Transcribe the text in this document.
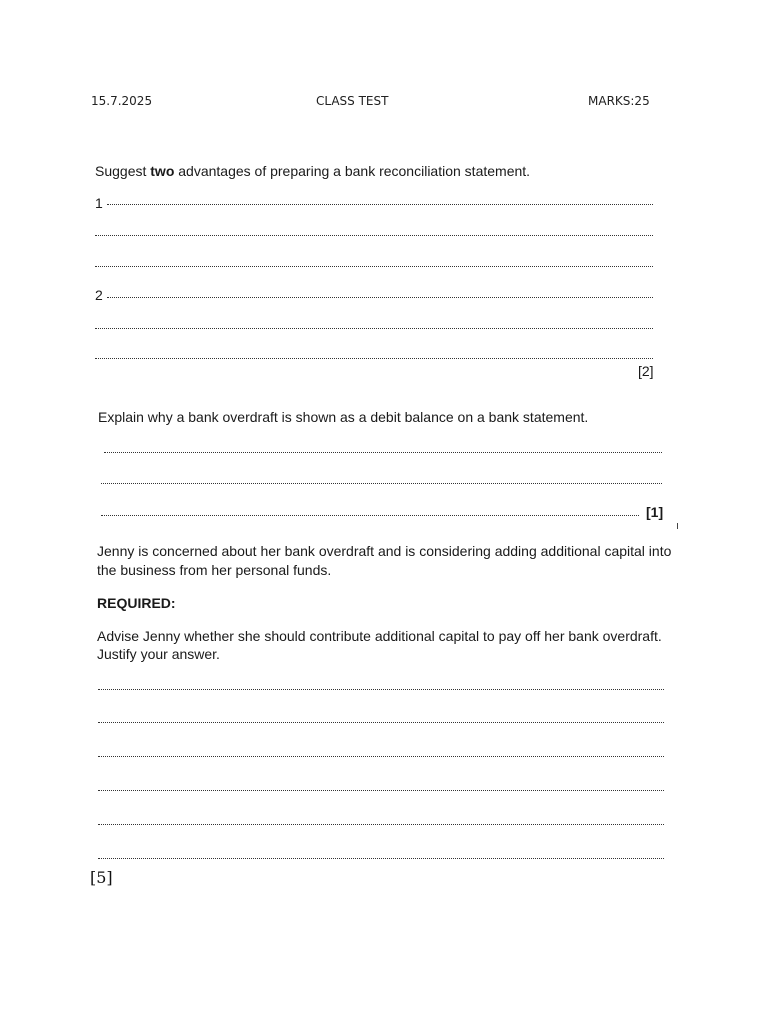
15.7.2025	CLASS TEST	MARKS:25
Suggest two advantages of preparing a bank reconciliation statement.
1
2
[2]
Explain why a bank overdraft is shown as a debit balance on a bank statement.
[1]
Jenny is concerned about her bank overdraft and is considering adding additional capital into
the business from her personal funds.
REQUIRED:
Advise Jenny whether she should contribute additional capital to pay off her bank overdraft.
Justify your answer.
[5]
